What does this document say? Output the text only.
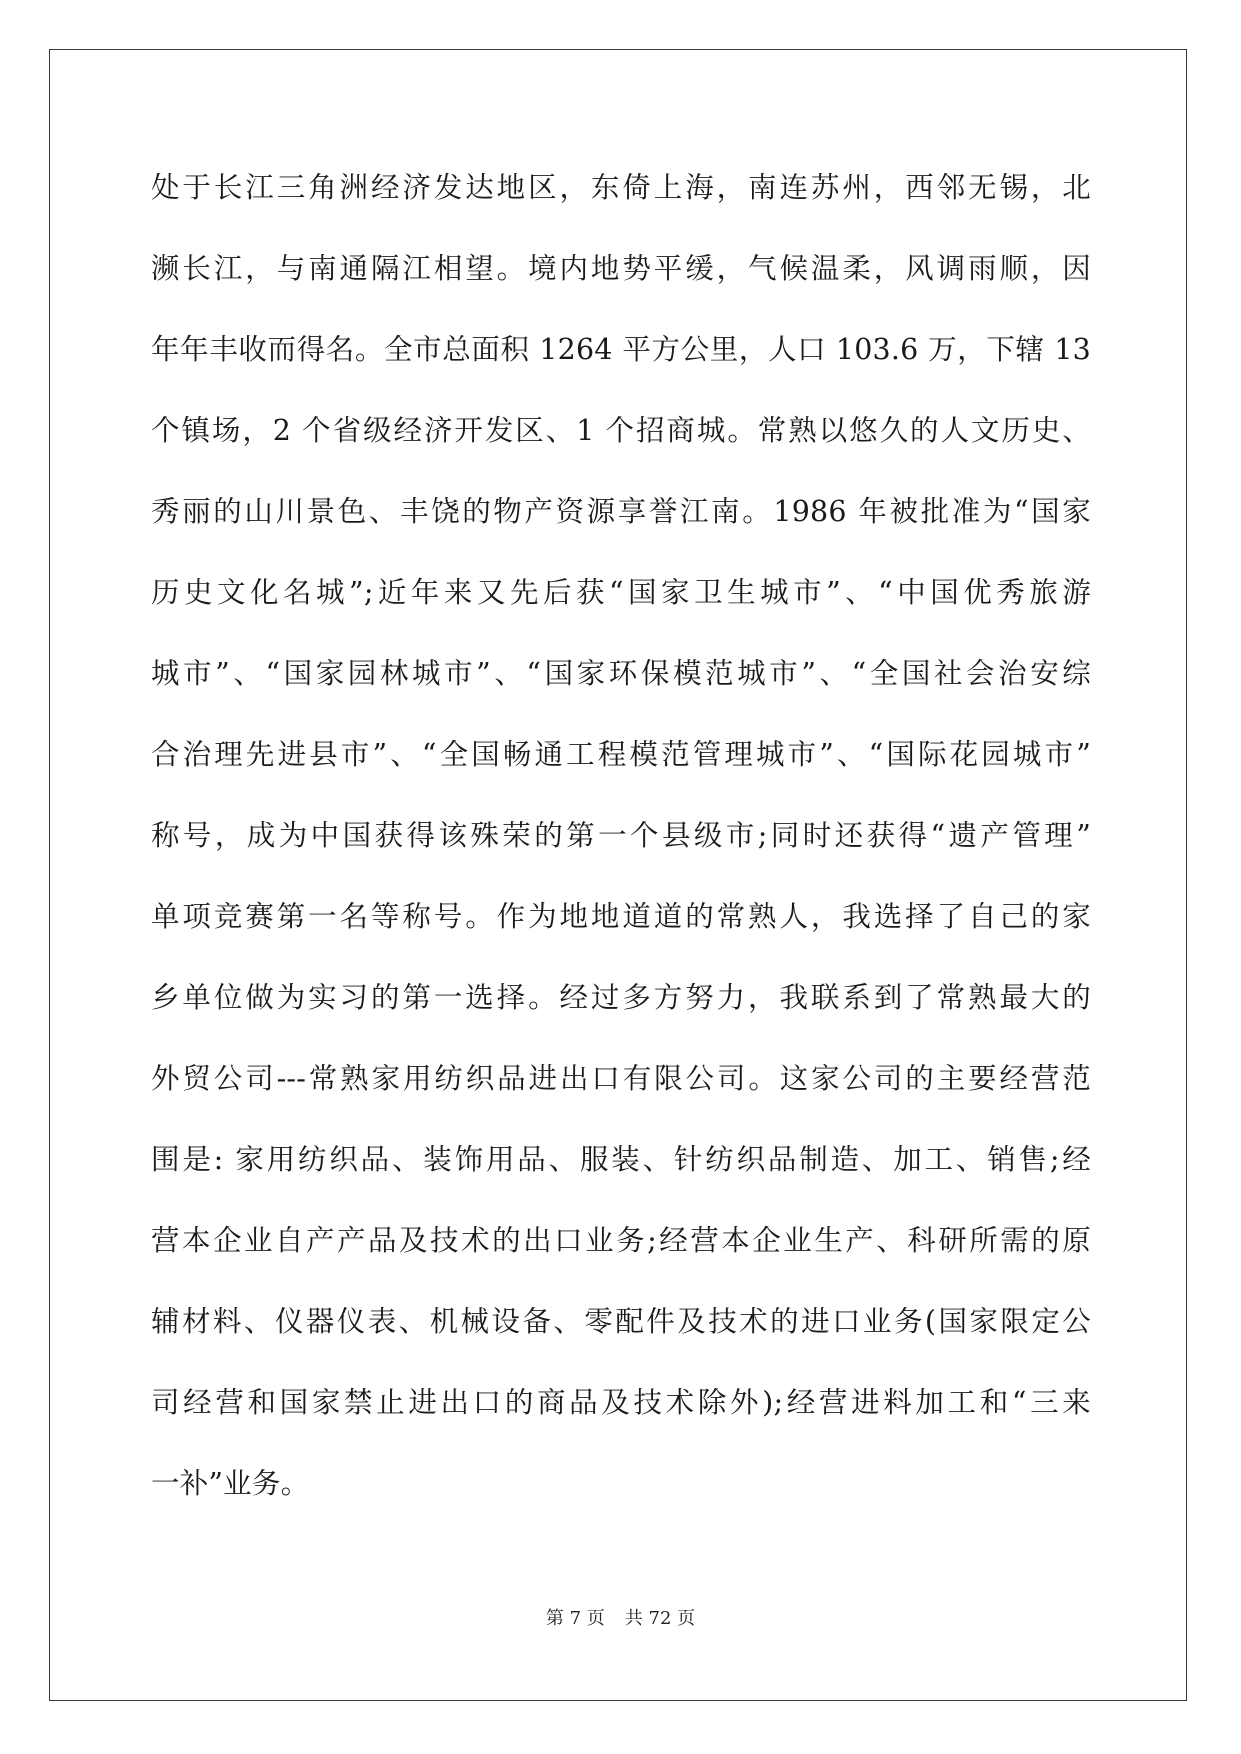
处于长江三角洲经济发达地区，东倚上海，南连苏州，西邻无锡，北
濒长江，与南通隔江相望。境内地势平缓，气候温柔，风调雨顺，因
年年丰收而得名。全市总面积 1264 平方公里，人口 103.6 万，下辖 13
个镇场，2 个省级经济开发区、1 个招商城。常熟以悠久的人文历史、
秀丽的山川景色、丰饶的物产资源享誉江南。1986 年被批准为“国家
历史文化名城”;近年来又先后获“国家卫生城市”、“中国优秀旅游
城市”、“国家园林城市”、“国家环保模范城市”、“全国社会治安综
合治理先进县市”、“全国畅通工程模范管理城市”、“国际花园城市”
称号，成为中国获得该殊荣的第一个县级市;同时还获得“遗产管理”
单项竞赛第一名等称号。作为地地道道的常熟人，我选择了自己的家
乡单位做为实习的第一选择。经过多方努力，我联系到了常熟最大的
外贸公司---常熟家用纺织品进出口有限公司。这家公司的主要经营范
围是: 家用纺织品、装饰用品、服装、针纺织品制造、加工、销售;经
营本企业自产产品及技术的出口业务;经营本企业生产、科研所需的原
辅材料、仪器仪表、机械设备、零配件及技术的进口业务(国家限定公
司经营和国家禁止进出口的商品及技术除外);经营进料加工和“三来
一补”业务。
第 7 页 共 72 页
